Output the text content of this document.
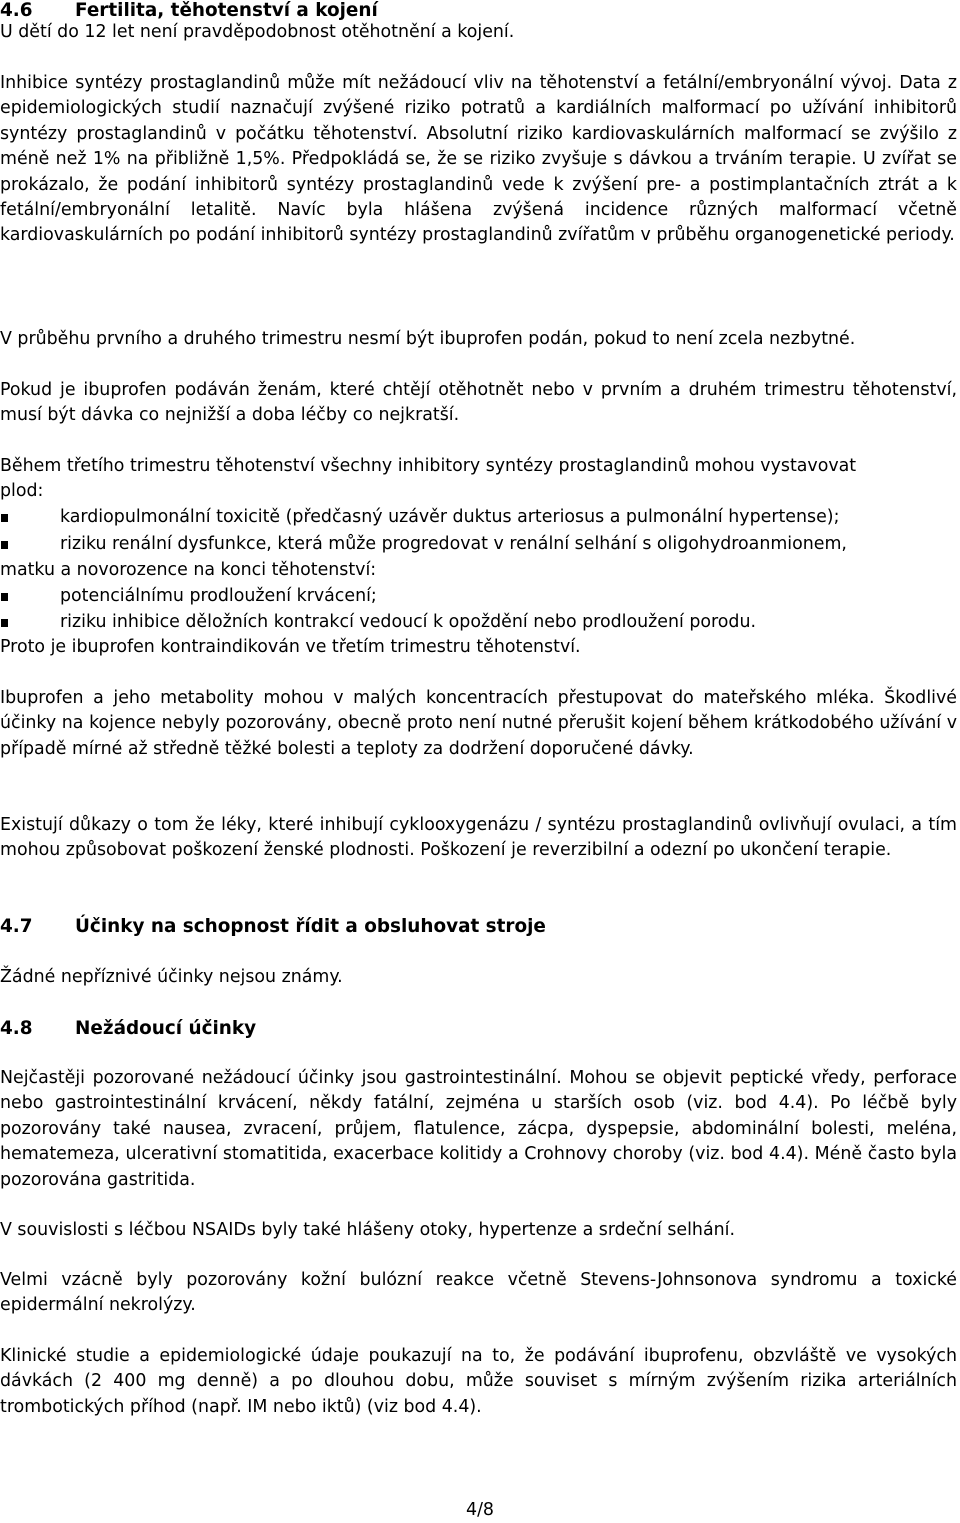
4.6 Fertilita, těhotenství a kojení

U dětí do 12 let není pravděpodobnost otěhotnění a kojení.

Inhibice syntézy prostaglandinů může mít nežádoucí vliv na těhotenství a fetální/embryonální vývoj. Data z epidemiologických studií naznačují zvýšené riziko potratů a kardiálních malformací po užívání inhibitorů syntézy prostaglandinů v počátku těhotenství. Absolutní riziko kardiovaskulárních malformací se zvýšilo z méně než 1% na přibližně 1,5%. Předpokládá se, že se riziko zvyšuje s dávkou a trváním terapie. U zvířat se prokázalo, že podání inhibitorů syntézy prostaglandinů vede k zvýšení pre- a postimplantačních ztrát a k fetální/embryonální letalitě. Navíc byla hlášena zvýšená incidence různých malformací včetně kardiovaskulárních po podání inhibitorů syntézy prostaglandinů zvířatům v průběhu organogenetické periody.

V průběhu prvního a druhého trimestru nesmí být ibuprofen podán, pokud to není zcela nezbytné.

Pokud je ibuprofen podáván ženám, které chtějí otěhotnět nebo v prvním a druhém trimestru těhotenství, musí být dávka co nejnižší a doba léčby co nejkratší.

Během třetího trimestru těhotenství všechny inhibitory syntézy prostaglandinů mohou vystavovat
plod:
kardiopulmonální toxicitě (předčasný uzávěr duktus arteriosus a pulmonální hypertense);
riziku renální dysfunkce, která může progredovat v renální selhání s oligohydroanmionem,
matku a novorozence na konci těhotenství:
potenciálnímu prodloužení krvácení;
riziku inhibice děložních kontrakcí vedoucí k opoždění nebo prodloužení porodu.
Proto je ibuprofen kontraindikován ve třetím trimestru těhotenství.

Ibuprofen a jeho metabolity mohou v malých koncentracích přestupovat do mateřského mléka. Škodlivé účinky na kojence nebyly pozorovány, obecně proto není nutné přerušit kojení během krátkodobého užívání v případě mírné až středně těžké bolesti a teploty za dodržení doporučené dávky.

Existují důkazy o tom že léky, které inhibují cyklooxygenázu / syntézu prostaglandinů ovlivňují ovulaci, a tím mohou způsobovat poškození ženské plodnosti. Poškození je reverzibilní a odezní po ukončení terapie.

4.7 Účinky na schopnost řídit a obsluhovat stroje

Žádné nepříznivé účinky nejsou známy.

4.8 Nežádoucí účinky

Nejčastěji pozorované nežádoucí účinky jsou gastrointestinální. Mohou se objevit peptické vředy, perforace nebo gastrointestinální krvácení, někdy fatální, zejména u starších osob (viz. bod 4.4). Po léčbě byly pozorovány také nausea, zvracení, průjem, flatulence, zácpa, dyspepsie, abdominální bolesti, meléna, hematemeza, ulcerativní stomatitida, exacerbace kolitidy a Crohnovy choroby (viz. bod 4.4). Méně často byla pozorována gastritida.

V souvislosti s léčbou NSAIDs byly také hlášeny otoky, hypertenze a srdeční selhání.

Velmi vzácně byly pozorovány kožní bulózní reakce včetně Stevens-Johnsonova syndromu a toxické epidermální nekrolýzy.

Klinické studie a epidemiologické údaje poukazují na to, že podávání ibuprofenu, obzvláště ve vysokých dávkách (2 400 mg denně) a po dlouhou dobu, může souviset s mírným zvýšením rizika arteriálních trombotických příhod (např. IM nebo iktů) (viz bod 4.4).

4/8
